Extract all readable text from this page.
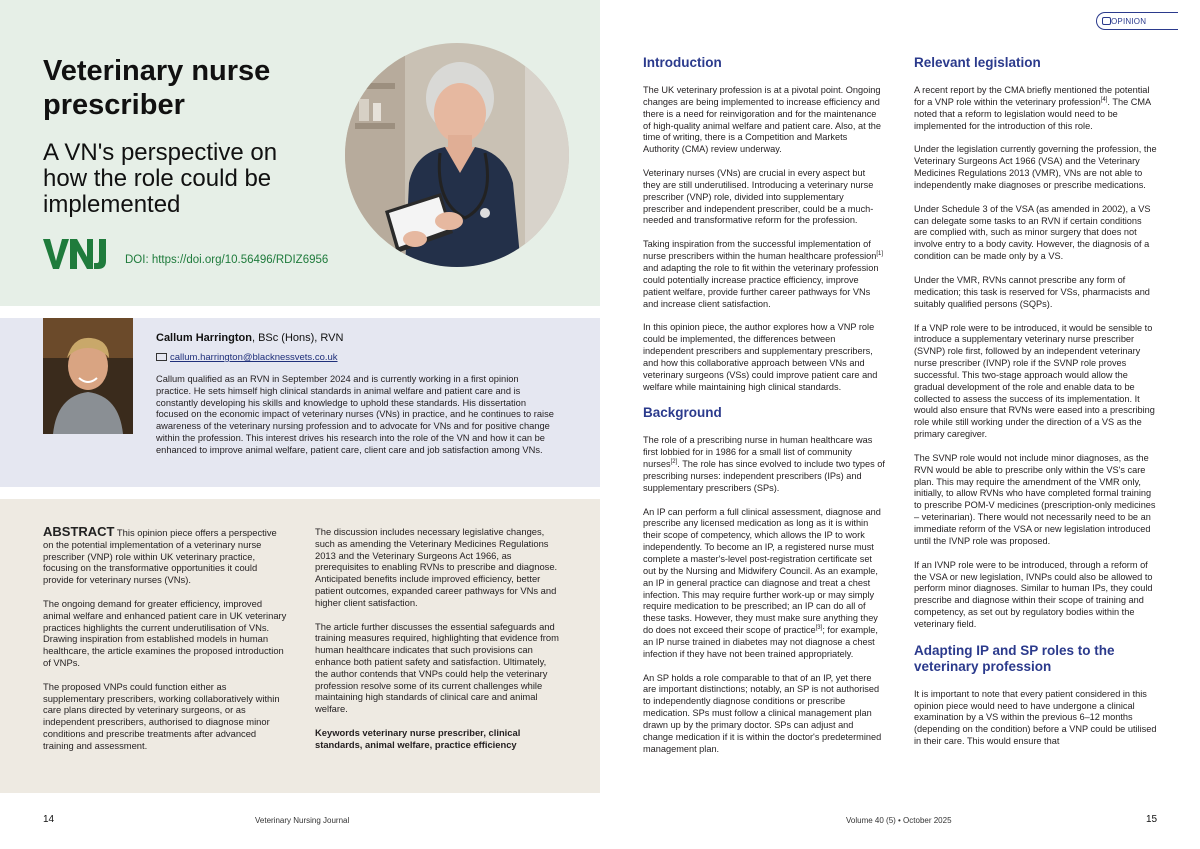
Veterinary nurse prescriber
A VN's perspective on how the role could be implemented
DOI: https://doi.org/10.56496/RDIZ6956
Callum Harrington, BSc (Hons), RVN
callum.harrington@blacknessvets.co.uk
Callum qualified as an RVN in September 2024 and is currently working in a first opinion practice. He sets himself high clinical standards in animal welfare and patient care and is constantly developing his skills and knowledge to uphold these standards. His dissertation focused on the economic impact of veterinary nurses (VNs) in practice, and he continues to raise awareness of the veterinary nursing profession and to advocate for VNs and for positive change within the profession. This interest drives his research into the role of the VN and how it can be enhanced to improve animal welfare, patient care, client care and job satisfaction among VNs.

ABSTRACT This opinion piece offers a perspective on the potential implementation of a veterinary nurse prescriber (VNP) role within UK veterinary practice, focusing on the transformative opportunities it could provide for veterinary nurses (VNs).

The ongoing demand for greater efficiency, improved animal welfare and enhanced patient care in UK veterinary practices highlights the current underutilisation of VNs. Drawing inspiration from established models in human healthcare, the article examines the proposed introduction of VNPs.

The proposed VNPs could function either as supplementary prescribers, working collaboratively within care plans directed by veterinary surgeons, or as independent prescribers, authorised to diagnose minor conditions and prescribe treatments after advanced training and assessment.

The discussion includes necessary legislative changes, such as amending the Veterinary Medicines Regulations 2013 and the Veterinary Surgeons Act 1966, as prerequisites to enabling RVNs to prescribe and diagnose. Anticipated benefits include improved efficiency, better patient outcomes, expanded career pathways for VNs and higher client satisfaction.

The article further discusses the essential safeguards and training measures required, highlighting that evidence from human healthcare indicates that such provisions can enhance both patient safety and satisfaction. Ultimately, the author contends that VNPs could help the veterinary profession resolve some of its current challenges while maintaining high standards of clinical care and animal welfare.

Keywords veterinary nurse prescriber, clinical standards, animal welfare, practice efficiency

OPINION
Introduction

The UK veterinary profession is at a pivotal point. Ongoing changes are being implemented to increase efficiency and there is a need for reinvigoration and for the maintenance of high-quality animal welfare and patient care. Also, at the time of writing, there is a Competition and Markets Authority (CMA) review underway.

Veterinary nurses (VNs) are crucial in every aspect but they are still underutilised. Introducing a veterinary nurse prescriber (VNP) role, divided into supplementary prescriber and independent prescriber, could be a much-needed and transformative reform for the profession.

Taking inspiration from the successful implementation of nurse prescribers within the human healthcare profession[1] and adapting the role to fit within the veterinary profession could potentially increase practice efficiency, improve patient welfare, provide further career pathways for VNs and increase client satisfaction.

In this opinion piece, the author explores how a VNP role could be implemented, the differences between independent prescribers and supplementary prescribers, and how this collaborative approach between VNs and veterinary surgeons (VSs) could improve patient care and welfare while maintaining high clinical standards.

Background

The role of a prescribing nurse in human healthcare was first lobbied for in 1986 for a small list of community nurses[2]. The role has since evolved to include two types of prescribing nurses: independent prescribers (IPs) and supplementary prescribers (SPs).

An IP can perform a full clinical assessment, diagnose and prescribe any licensed medication as long as it is within their scope of competency, which allows the IP to work independently. To become an IP, a registered nurse must complete a master's-level post-registration certificate set out by the Nursing and Midwifery Council. As an example, an IP in general practice can diagnose and treat a chest infection. This may require further work-up or may simply require medication to be prescribed; an IP can do all of these tasks. However, they must make sure anything they do does not exceed their scope of practice[3]; for example, an IP nurse trained in diabetes may not diagnose a chest infection if they have not been trained appropriately.

An SP holds a role comparable to that of an IP, yet there are important distinctions; notably, an SP is not authorised to independently diagnose conditions or prescribe medication. SPs must follow a clinical management plan drawn up by the primary doctor. SPs can adjust and change medication if it is within the doctor's predetermined management plan.

Relevant legislation

A recent report by the CMA briefly mentioned the potential for a VNP role within the veterinary profession[4]. The CMA noted that a reform to legislation would need to be implemented for the introduction of this role.

Under the legislation currently governing the profession, the Veterinary Surgeons Act 1966 (VSA) and the Veterinary Medicines Regulations 2013 (VMR), VNs are not able to independently make diagnoses or prescribe medications.

Under Schedule 3 of the VSA (as amended in 2002), a VS can delegate some tasks to an RVN if certain conditions are complied with, such as minor surgery that does not involve entry to a body cavity. However, the diagnosis of a condition can be made only by a VS.

Under the VMR, RVNs cannot prescribe any form of medication; this task is reserved for VSs, pharmacists and suitably qualified persons (SQPs).

If a VNP role were to be introduced, it would be sensible to introduce a supplementary veterinary nurse prescriber (SVNP) role first, followed by an independent veterinary nurse prescriber (IVNP) role if the SVNP role proves successful. This two-stage approach would allow the gradual development of the role and enable data to be collected to assess the success of its implementation. It would also ensure that RVNs were eased into a prescribing role while still working under the direction of a VS as the primary caregiver.

The SVNP role would not include minor diagnoses, as the RVN would be able to prescribe only within the VS's care plan. This may require the amendment of the VMR only, initially, to allow RVNs who have completed formal training to prescribe POM-V medicines (prescription-only medicines – veterinarian). There would not necessarily need to be an immediate reform of the VSA or new legislation introduced until the IVNP role was proposed.

If an IVNP role were to be introduced, through a reform of the VSA or new legislation, IVNPs could also be allowed to perform minor diagnoses. Similar to human IPs, they could prescribe and diagnose within their scope of training and competency, as set out by regulatory bodies within the veterinary field.

Adapting IP and SP roles to the veterinary profession

It is important to note that every patient considered in this opinion piece would need to have undergone a clinical examination by a VS within the previous 6–12 months (depending on the condition) before a VNP could be utilised in their care. This would ensure that

14	Veterinary Nursing Journal	Volume 40 (5) • October 2025	15
